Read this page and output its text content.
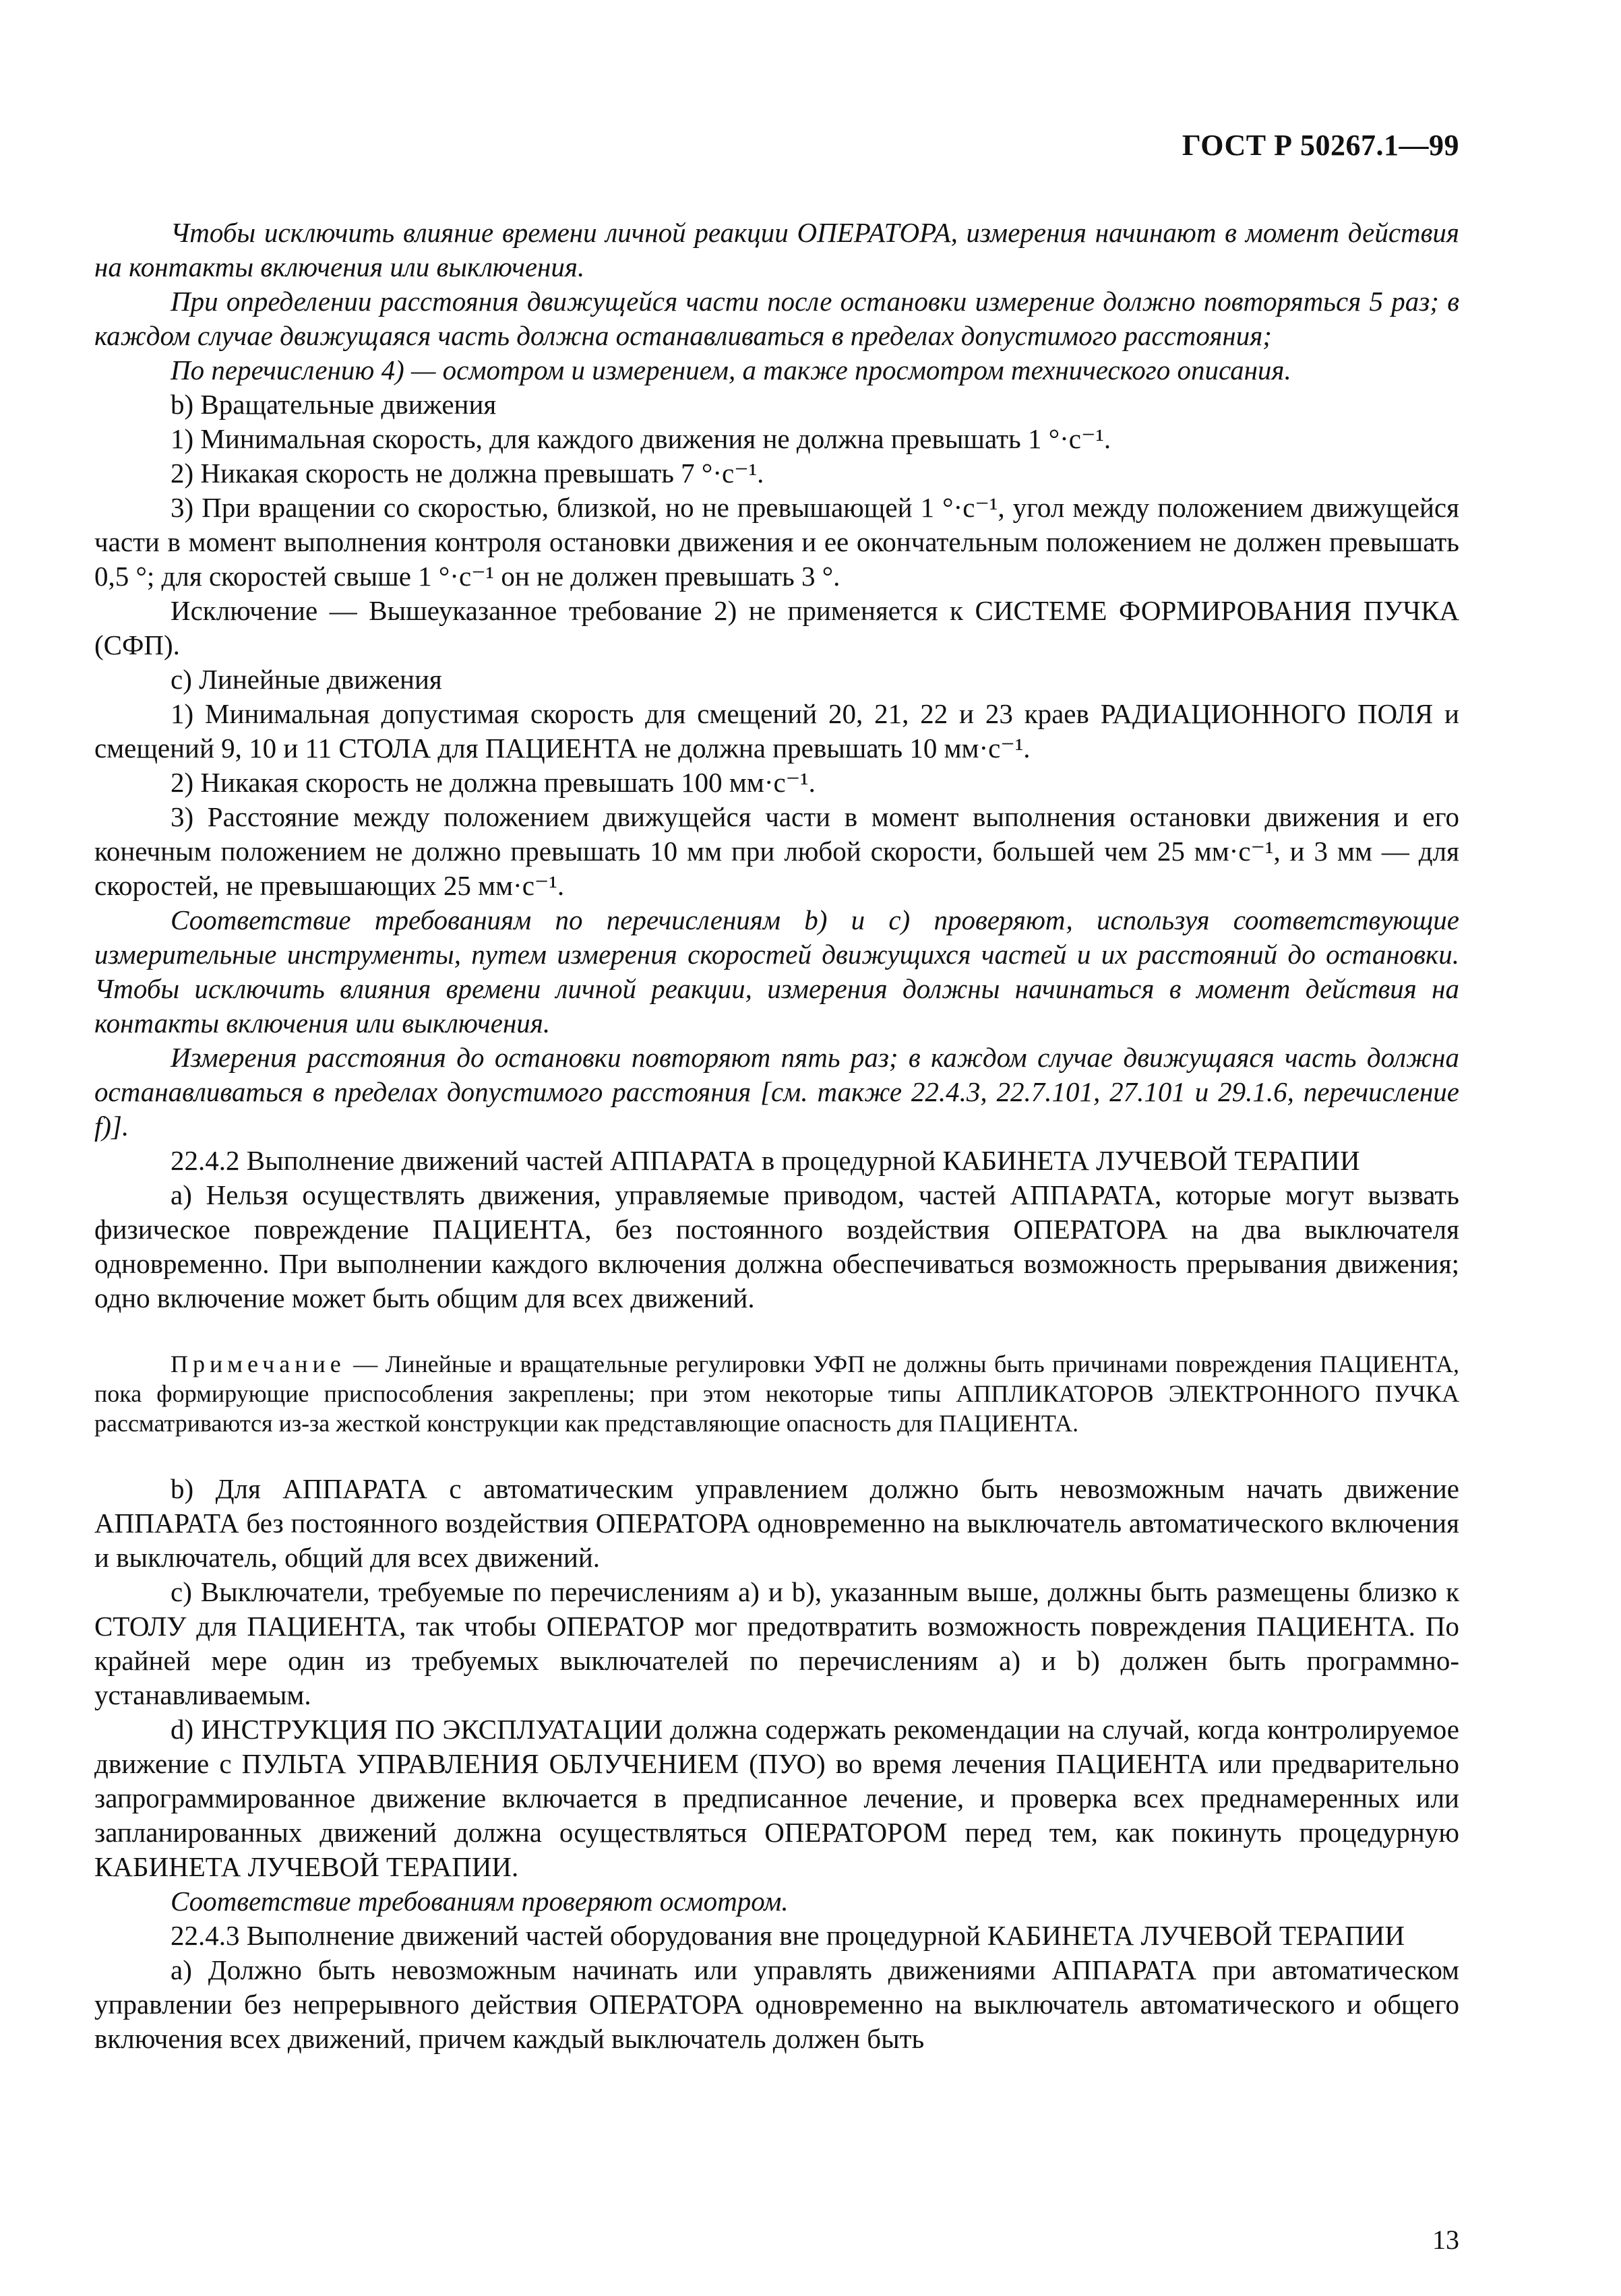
ГОСТ Р 50267.1—99

Чтобы исключить влияние времени личной реакции ОПЕРАТОРА, измерения начинают в момент действия на контакты включения или выключения.

При определении расстояния движущейся части после остановки измерение должно повторяться 5 раз; в каждом случае движущаяся часть должна останавливаться в пределах допустимого расстояния;

По перечислению 4) — осмотром и измерением, а также просмотром технического описания.

b) Вращательные движения

1) Минимальная скорость, для каждого движения не должна превышать 1 °·с⁻¹.

2) Никакая скорость не должна превышать 7 °·с⁻¹.

3) При вращении со скоростью, близкой, но не превышающей 1 °·с⁻¹, угол между положением движущейся части в момент выполнения контроля остановки движения и ее окончательным положением не должен превышать 0,5 °; для скоростей свыше 1 °·с⁻¹ он не должен превышать 3 °.

Исключение — Вышеуказанное требование 2) не применяется к СИСТЕМЕ ФОРМИРОВАНИЯ ПУЧКА (СФП).

c) Линейные движения

1) Минимальная допустимая скорость для смещений 20, 21, 22 и 23 краев РАДИАЦИОННОГО ПОЛЯ и смещений 9, 10 и 11 СТОЛА для ПАЦИЕНТА не должна превышать 10 мм·с⁻¹.

2) Никакая скорость не должна превышать 100 мм·с⁻¹.

3) Расстояние между положением движущейся части в момент выполнения остановки движения и его конечным положением не должно превышать 10 мм при любой скорости, большей чем 25 мм·с⁻¹, и 3 мм — для скоростей, не превышающих 25 мм·с⁻¹.

Соответствие требованиям по перечислениям b) и c) проверяют, используя соответствующие измерительные инструменты, путем измерения скоростей движущихся частей и их расстояний до остановки. Чтобы исключить влияния времени личной реакции, измерения должны начинаться в момент действия на контакты включения или выключения.

Измерения расстояния до остановки повторяют пять раз; в каждом случае движущаяся часть должна останавливаться в пределах допустимого расстояния [см. также 22.4.3, 22.7.101, 27.101 и 29.1.6, перечисление f)].

22.4.2 Выполнение движений частей АППАРАТА в процедурной КАБИНЕТА ЛУЧЕВОЙ ТЕРАПИИ

a) Нельзя осуществлять движения, управляемые приводом, частей АППАРАТА, которые могут вызвать физическое повреждение ПАЦИЕНТА, без постоянного воздействия ОПЕРАТОРА на два выключателя одновременно. При выполнении каждого включения должна обеспечиваться возможность прерывания движения; одно включение может быть общим для всех движений.

Примечание — Линейные и вращательные регулировки УФП не должны быть причинами повреждения ПАЦИЕНТА, пока формирующие приспособления закреплены; при этом некоторые типы АППЛИКАТОРОВ ЭЛЕКТРОННОГО ПУЧКА рассматриваются из-за жесткой конструкции как представляющие опасность для ПАЦИЕНТА.

b) Для АППАРАТА с автоматическим управлением должно быть невозможным начать движение АППАРАТА без постоянного воздействия ОПЕРАТОРА одновременно на выключатель автоматического включения и выключатель, общий для всех движений.

c) Выключатели, требуемые по перечислениям a) и b), указанным выше, должны быть размещены близко к СТОЛУ для ПАЦИЕНТА, так чтобы ОПЕРАТОР мог предотвратить возможность повреждения ПАЦИЕНТА. По крайней мере один из требуемых выключателей по перечислениям a) и b) должен быть программно-устанавливаемым.

d) ИНСТРУКЦИЯ ПО ЭКСПЛУАТАЦИИ должна содержать рекомендации на случай, когда контролируемое движение с ПУЛЬТА УПРАВЛЕНИЯ ОБЛУЧЕНИЕМ (ПУО) во время лечения ПАЦИЕНТА или предварительно запрограммированное движение включается в предписанное лечение, и проверка всех преднамеренных или запланированных движений должна осуществляться ОПЕРАТОРОМ перед тем, как покинуть процедурную КАБИНЕТА ЛУЧЕВОЙ ТЕРАПИИ.

Соответствие требованиям проверяют осмотром.

22.4.3 Выполнение движений частей оборудования вне процедурной КАБИНЕТА ЛУЧЕВОЙ ТЕРАПИИ

a) Должно быть невозможным начинать или управлять движениями АППАРАТА при автоматическом управлении без непрерывного действия ОПЕРАТОРА одновременно на выключатель автоматического и общего включения всех движений, причем каждый выключатель должен быть

13
